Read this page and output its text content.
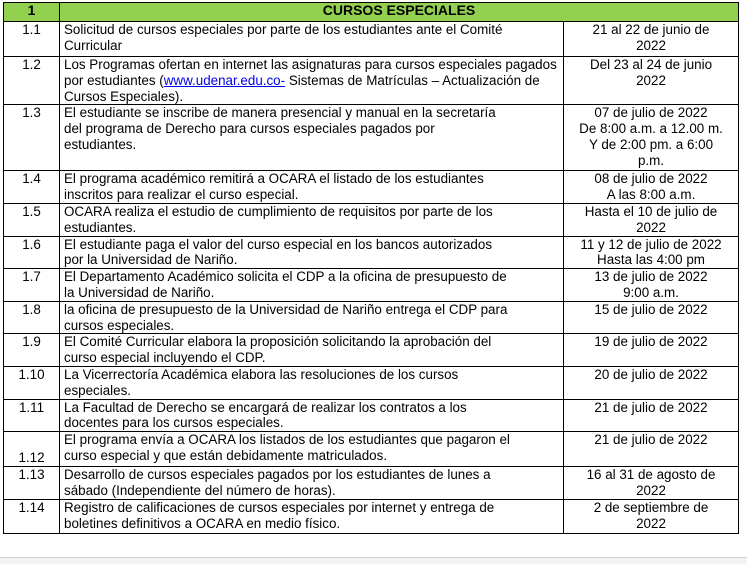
1	CURSOS ESPECIALES	
1.1	Solicitud de cursos especiales por parte de los estudiantes ante el Comité
Curricular	21 al 22 de junio de
2022

1.2	Los Programas ofertan en internet las asignaturas para cursos especiales pagados por estudiantes (www.udenar.edu.co- Sistemas de Matrículas – Actualización de Cursos Especiales).	Del 23 al 24 de junio
2022

1.3	El estudiante se inscribe de manera presencial y manual en la secretaría
del programa de Derecho para cursos especiales pagados por
estudiantes.	07 de julio de 2022
De 8:00 a.m. a 12.00 m.
Y de 2:00 pm. a 6:00
p.m.

1.4	El programa académico remitirá a OCARA el listado de los estudiantes
inscritos para realizar el curso especial.	08 de julio de 2022
A las 8:00 a.m.

1.5	OCARA realiza el estudio de cumplimiento de requisitos por parte de los
estudiantes.	Hasta el 10 de julio de
2022

1.6	El estudiante paga el valor del curso especial en los bancos autorizados
por la Universidad de Nariño.	11 y 12 de julio de 2022
Hasta las 4:00 pm

1.7	El Departamento Académico solicita el CDP a la oficina de presupuesto de
la Universidad de Nariño.	13 de julio de 2022
9:00 a.m.

1.8	la oficina de presupuesto de la Universidad de Nariño entrega el CDP para
cursos especiales.	15 de julio de 2022

1.9	El Comité Curricular elabora la proposición solicitando la aprobación del
curso especial incluyendo el CDP.	19 de julio de 2022

1.10	La Vicerrectoría Académica elabora las resoluciones de los cursos
especiales.	20 de julio de 2022

1.11	La Facultad de Derecho se encargará de realizar los contratos a los
docentes para los cursos especiales.	21 de julio de 2022

1.12	El programa envía a OCARA los listados de los estudiantes que pagaron el
curso especial y que están debidamente matriculados.	21 de julio de 2022

1.13	Desarrollo de cursos especiales pagados por los estudiantes de lunes a
sábado (Independiente del número de horas).	16 al 31 de agosto de
2022

1.14	Registro de calificaciones de cursos especiales por internet y entrega de
boletines definitivos a OCARA en medio físico.	2 de septiembre de
2022
